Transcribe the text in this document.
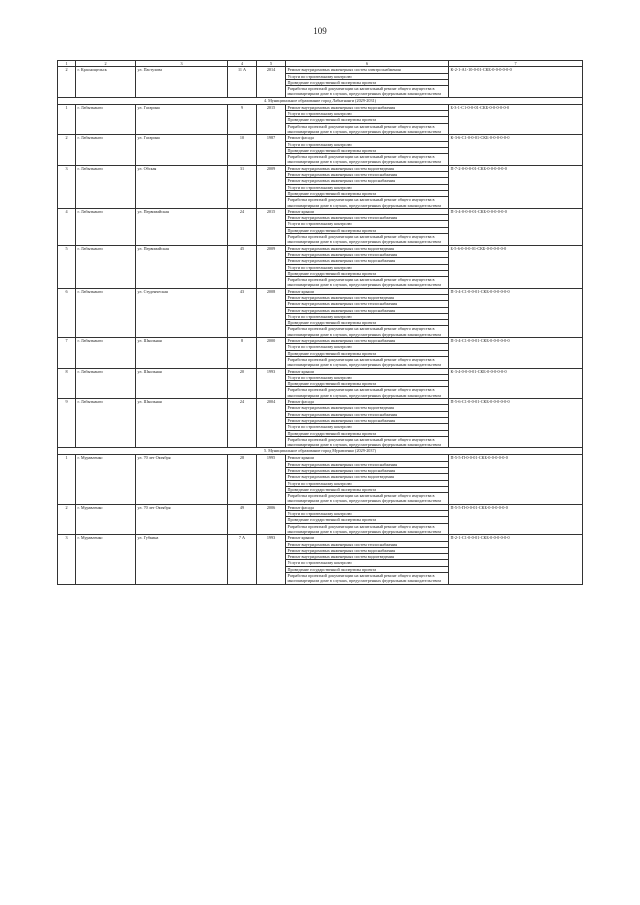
109
1	2	3	4	5	6	7
2	г. Краснощельск	ул. Пастухова	11 А	2014	Ремонт внутридомовых инженерных систем электроснабжения	К-2-1-А1-10-0-01-СКБ-0-0-0-0-0-0
					Услуги по строительному контролю	
					Проведение государственной экспертизы проекта	
					Разработка проектной документации на капитальный ремонт общего имущества в многоквартирном доме в случаях, предусмотренных федеральным законодательством	
4. Муниципальное образование город Лабытнанги (2029-2031)						
1	г. Лабытнанги	ул. Гагарина	9	2015	Ремонт внутридомовых инженерных систем водоснабжения	Б-3-1-С1-0-0-01-СКБ-0-0-0-0-0-0
					Услуги по строительному контролю	
					Проведение государственной экспертизы проекта	
					Разработка проектной документации на капитальный ремонт общего имущества в многоквартирном доме в случаях, предусмотренных федеральным законодательством	
2	г. Лабытнанги	ул. Гагарина	10	1987	Ремонт фасада	К-3-6-С1-0-0-01-СКБ-0-0-0-0-0-0
					Услуги по строительному контролю	
					Проведение государственной экспертизы проекта	
					Разработка проектной документации на капитальный ремонт общего имущества в многоквартирном доме в случаях, предусмотренных федеральным законодательством	
3	г. Лабытнанги	ул. Обская	31	2009	Ремонт внутридомовых инженерных систем водоотведения	П-7-2-0-0-0-01-СКБ-0-0-0-0-0-0
					Ремонт внутридомовых инженерных систем теплоснабжения	
					Ремонт внутридомовых инженерных систем водоснабжения	
					Услуги по строительному контролю	
					Проведение государственной экспертизы проекта	
					Разработка проектной документации на капитальный ремонт общего имущества в многоквартирном доме в случаях, предусмотренных федеральным законодательством	
4	г. Лабытнанги	ул. Первомайская	24	2015	Ремонт крыши	П-3-4-0-0-0-01-СКБ-0-0-0-0-0-0
					Ремонт внутридомовых инженерных систем теплоснабжения	
					Услуги по строительному контролю	
					Проведение государственной экспертизы проекта	
					Разработка проектной документации на капитальный ремонт общего имущества в многоквартирном доме в случаях, предусмотренных федеральным законодательством	
5	г. Лабытнанги	ул. Первомайская	45	2009	Ремонт внутридомовых инженерных систем водоотведения	Б-5-6-0-0-0-01-СКБ-0-0-0-0-0-0
					Ремонт внутридомовых инженерных систем теплоснабжения	
					Ремонт внутридомовых инженерных систем водоснабжения	
					Услуги по строительному контролю	
					Проведение государственной экспертизы проекта	
					Разработка проектной документации на капитальный ремонт общего имущества в многоквартирном доме в случаях, предусмотренных федеральным законодательством	
6	г. Лабытнанги	ул. Студенческая	43	2008	Ремонт крыши	П-3-4-С1-0-0-01-СКБ-0-0-0-0-0-0
					Ремонт внутридомовых инженерных систем водоотведения	
					Ремонт внутридомовых инженерных систем теплоснабжения	
					Ремонт внутридомовых инженерных систем водоснабжения	
					Услуги по строительному контролю	
					Проведение государственной экспертизы проекта	
					Разработка проектной документации на капитальный ремонт общего имущества в многоквартирном доме в случаях, предусмотренных федеральным законодательством	
7	г. Лабытнанги	ул. Школьная	8	2000	Ремонт внутридомовых инженерных систем водоснабжения	П-3-4-С1-0-0-01-СКБ-0-0-0-0-0-0
					Услуги по строительному контролю	
					Проведение государственной экспертизы проекта	
					Разработка проектной документации на капитальный ремонт общего имущества в многоквартирном доме в случаях, предусмотренных федеральным законодательством	
8	г. Лабытнанги	ул. Школьная	20	1993	Ремонт крыши	К-3-4-0-0-0-01-СКБ-0-0-0-0-0-0
					Услуги по строительному контролю	
					Проведение государственной экспертизы проекта	
					Разработка проектной документации на капитальный ремонт общего имущества в многоквартирном доме в случаях, предусмотренных федеральным законодательством	
9	г. Лабытнанги	ул. Школьная	24	2004	Ремонт фасада	П-5-6-С1-0-0-01-СКБ-0-0-0-0-0-0
					Ремонт внутридомовых инженерных систем водоотведения	
					Ремонт внутридомовых инженерных систем теплоснабжения	
					Ремонт внутридомовых инженерных систем водоснабжения	
					Услуги по строительному контролю	
					Проведение государственной экспертизы проекта	
					Разработка проектной документации на капитальный ремонт общего имущества в многоквартирном доме в случаях, предусмотренных федеральным законодательством	
5. Муниципальное образование город Муравленко (2029-2037)						
1	г. Муравленко	ул. 70 лет Октября	28	1995	Ремонт крыши	П-5-5-П-0-0-01-СКБ-0-0-0-0-0-0
					Ремонт внутридомовых инженерных систем теплоснабжения	
					Ремонт внутридомовых инженерных систем водоснабжения	
					Ремонт внутридомовых инженерных систем водоотведения	
					Услуги по строительному контролю	
					Проведение государственной экспертизы проекта	
					Разработка проектной документации на капитальный ремонт общего имущества в многоквартирном доме в случаях, предусмотренных федеральным законодательством	
2	г. Муравленко	ул. 70 лет Октября	49	2006	Ремонт фасада	П-5-5-П-0-0-01-СКБ-0-0-0-0-0-0
					Услуги по строительному контролю	
					Проведение государственной экспертизы проекта	
					Разработка проектной документации на капитальный ремонт общего имущества в многоквартирном доме в случаях, предусмотренных федеральным законодательством	
3	г. Муравленко	ул. Губкина	7 А	1993	Ремонт крыши	П-2-1-С1-0-0-01-СКБ-0-0-0-0-0-0
					Ремонт внутридомовых инженерных систем теплоснабжения	
					Ремонт внутридомовых инженерных систем водоснабжения	
					Ремонт внутридомовых инженерных систем водоотведения	
					Услуги по строительному контролю	
					Проведение государственной экспертизы проекта	
					Разработка проектной документации на капитальный ремонт общего имущества в многоквартирном доме в случаях, предусмотренных федеральным законодательством	
